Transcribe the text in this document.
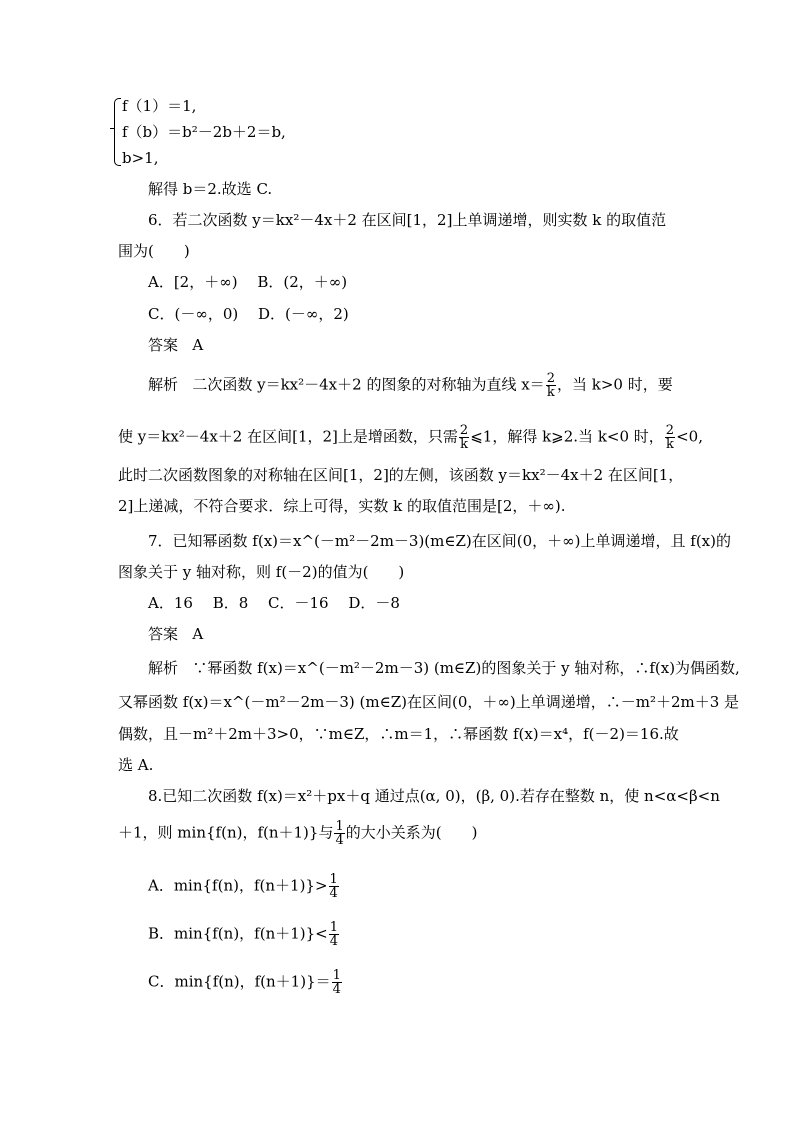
f（1）＝1,
f（b）＝b²－2b＋2＝b,
b>1,
解得 b＝2.故选 C.
6．若二次函数 y＝kx²－4x＋2 在区间[1，2]上单调递增，则实数 k 的取值范
围为(　　)
A．[2，＋∞)　 B．(2，＋∞)
C．(－∞，0)　 D．(－∞，2)
答案 A
解析 二次函数 y＝kx²－4x＋2 的图象的对称轴为直线 $x= \frac{2}{k}$ ，当 k>0 时，要
使 y＝kx²－4x＋2 在区间[1，2]上是增函数，只需 $\frac{2}{k}$ ⩽1，解得 k⩾2.当 k<0 时， $\frac{2}{k} <0$,
此时二次函数图象的对称轴在区间[1，2]的左侧，该函数 y＝kx²－4x＋2 在区间[1，
2]上递减，不符合要求．综上可得，实数 k 的取值范围是[2，＋∞).
7．已知幂函数 f(x)＝x^(－m²－2m－3)(m∈Z)在区间(0，＋∞)上单调递增，且 f(x)的
图象关于 y 轴对称，则 f(－2)的值为(　　)
A．16　 B．8　 C．－16　 D．－8
答案 A
解析 ∵幂函数 f(x)＝x^(－m²－2m－3) (m∈Z)的图象关于 y 轴对称，∴f(x)为偶函数,
又幂函数 f(x)＝x^(－m²－2m－3) (m∈Z)在区间(0，＋∞)上单调递增，∴－m²＋2m＋3 是
偶数，且－m²＋2m＋3>0，∵m∈Z，∴m＝1，∴幂函数 f(x)＝x⁴，f(－2)＝16.故
选 A.
8.已知二次函数 f(x)＝x²＋px＋q 通过点(α, 0)，(β, 0).若存在整数 n，使 n<α<β<n
＋1，则 min{f(n)，f(n＋1)}与 $\frac{1}{4}$ 的大小关系为(　　)
A．min{f(n)，$f(n+1)\}> \frac{1}{4}$
B．min{f(n)，$f(n+1)\}< \frac{1}{4}$
C．min{f(n)，$f(n+1)\}= \frac{1}{4}$
